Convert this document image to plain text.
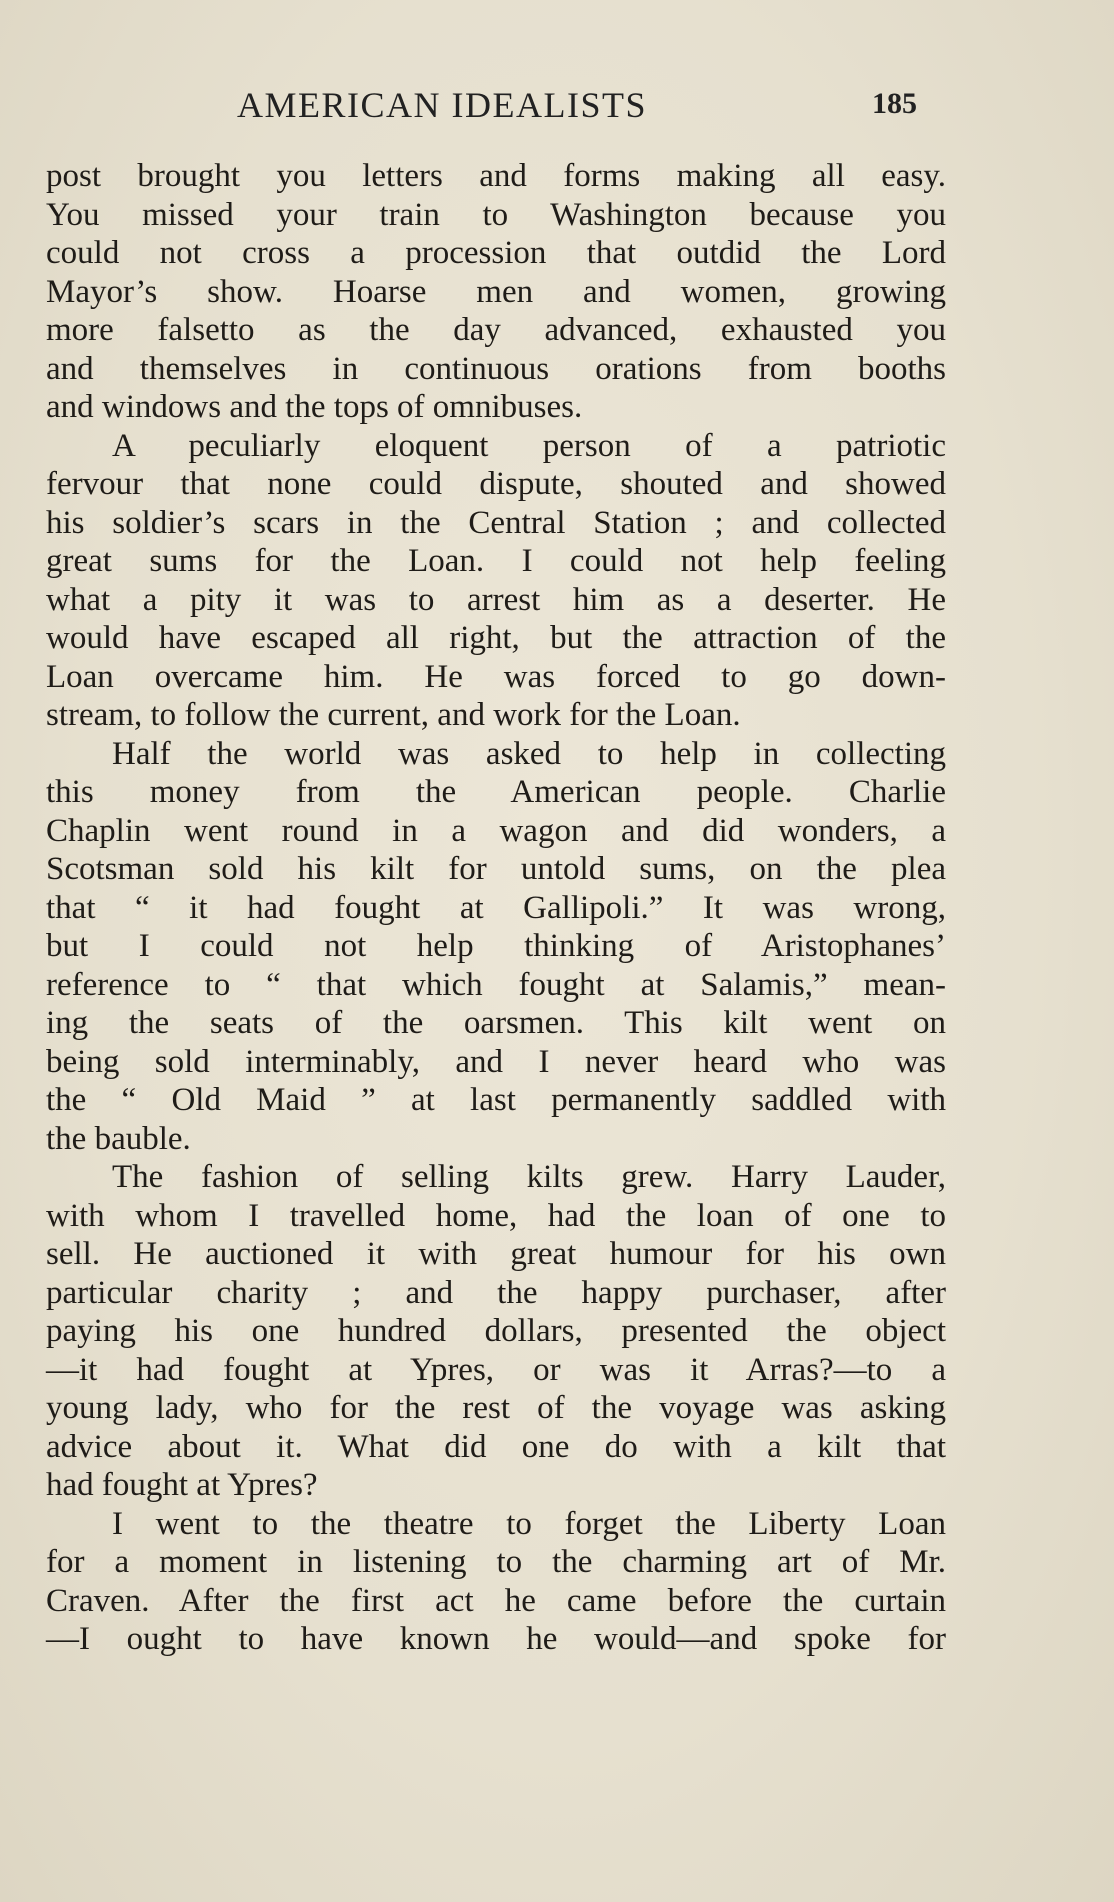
AMERICAN IDEALISTS	185
post brought you letters and forms making all easy.
You missed your train to Washington because you
could not cross a procession that outdid the Lord
Mayor’s show. Hoarse men and women, growing
more falsetto as the day advanced, exhausted you
and themselves in continuous orations from booths
and windows and the tops of omnibuses.
A peculiarly eloquent person of a patriotic
fervour that none could dispute, shouted and showed
his soldier’s scars in the Central Station ; and collected
great sums for the Loan. I could not help feeling
what a pity it was to arrest him as a deserter. He
would have escaped all right, but the attraction of the
Loan overcame him. He was forced to go down-
stream, to follow the current, and work for the Loan.
Half the world was asked to help in collecting
this money from the American people. Charlie
Chaplin went round in a wagon and did wonders, a
Scotsman sold his kilt for untold sums, on the plea
that “ it had fought at Gallipoli.” It was wrong,
but I could not help thinking of Aristophanes’
reference to “ that which fought at Salamis,” mean-
ing the seats of the oarsmen. This kilt went on
being sold interminably, and I never heard who was
the “ Old Maid ” at last permanently saddled with
the bauble.
The fashion of selling kilts grew. Harry Lauder,
with whom I travelled home, had the loan of one to
sell. He auctioned it with great humour for his own
particular charity ; and the happy purchaser, after
paying his one hundred dollars, presented the object
—it had fought at Ypres, or was it Arras?—to a
young lady, who for the rest of the voyage was asking
advice about it. What did one do with a kilt that
had fought at Ypres?
I went to the theatre to forget the Liberty Loan
for a moment in listening to the charming art of Mr.
Craven. After the first act he came before the curtain
—I ought to have known he would—and spoke for
